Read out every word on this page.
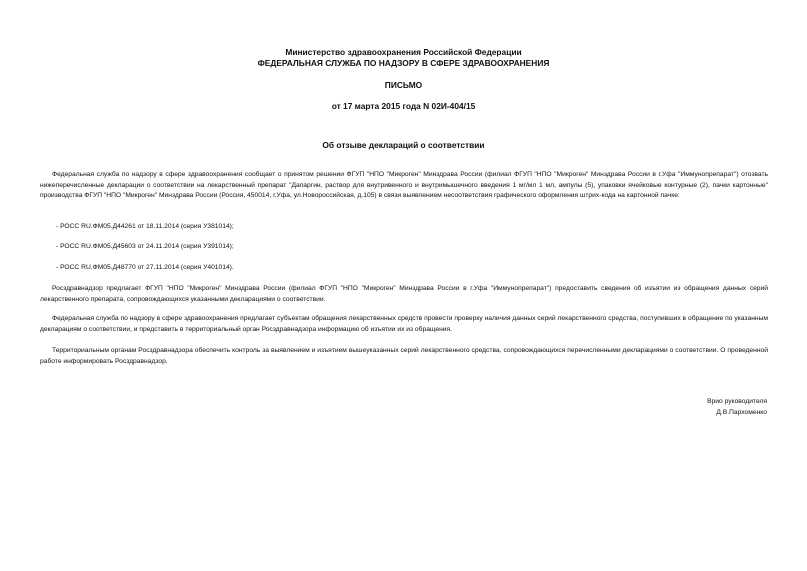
Министерство здравоохранения Российской Федерации
ФЕДЕРАЛЬНАЯ СЛУЖБА ПО НАДЗОРУ В СФЕРЕ ЗДРАВООХРАНЕНИЯ
ПИСЬМО
от 17 марта 2015 года N 02И-404/15
Об отзыве деклараций о соответствии
Федеральная служба по надзору в сфере здравоохранения сообщает о принятом решении ФГУП "НПО "Микроген" Минздрава России (филиал ФГУП "НПО "Микроген" Минздрава России в г.Уфа "Иммунопрепарат") отозвать нижеперечисленные декларации о соответствии на лекарственный препарат "Дапаргин, раствор для внутривенного и внутримышечного введения 1 мг/мл 1 мл, ампулы (5), упаковки ячейковые контурные (2), пачки картонные" производства ФГУП "НПО "Микроген" Минздрава России (Россия, 450014, г.Уфа, ул.Новороссийская, д.105) в связи выявлением несоответствия графического оформления штрих-кода на картонной пачке:
- РОСС RU.ФМ05.Д44261 от 18.11.2014 (серия У381014);
- РОСС RU.ФМ05.Д45603 от 24.11.2014 (серия У391014);
- РОСС RU.ФМ05.Д48770 от 27.11.2014 (серия У401014).
Росздравнадзор предлагает ФГУП "НПО "Микроген" Минздрава России (филиал ФГУП "НПО "Микроген" Минздрава России в г.Уфа "Иммунопрепарат") предоставить сведения об изъятии из обращения данных серий лекарственного препарата, сопровождающихся указанными декларациями о соответствии.
Федеральная служба по надзору в сфере здравоохранения предлагает субъектам обращения лекарственных средств провести проверку наличия данных серий лекарственного средства, поступивших в обращение по указанным декларациям о соответствии, и представить в территориальный орган Росздравнадзора информацию об изъятии их из обращения.
Территориальным органам Росздравнадзора обеспечить контроль за выявлением и изъятием вышеуказанных серий лекарственного средства, сопровождающихся перечисленными декларациями о соответствии. О проведенной работе информировать Росздравнадзор.
Врио руководителя
Д.В.Пархоменко
